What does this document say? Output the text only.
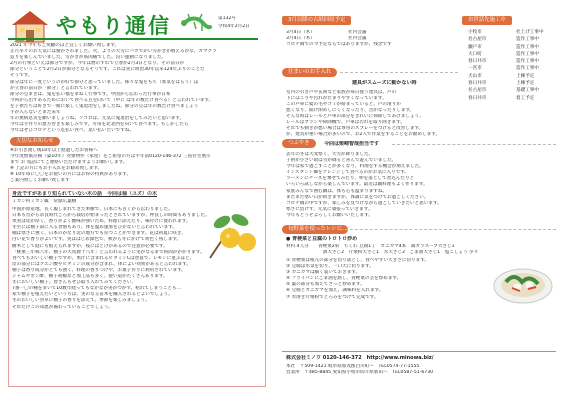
やもり通信	第132号
令和4年2月2日
2021 年今年もご愛顧のほど宜しくお願い致します。
正月早々のお天気には驚かされました。火、よりの大雪にバカでかい雪かきが増えるかな、カマクラ
造りを楽しんでいました。雪かきが筋肉痛でした。良い運動になりました。
2月の行事といえば節分ですが、今年は暦のずれで立春が2月3日となり、その前日が
節分ということで2月2日が節分となるそうです。これは実に明治30年以来124年ぶりのことだ
そうです。
節分は年に一度というのが好で節分と思っていました。様々な鬼をもち（邪気をはらう）ほ
か立春の前日が「節分」と言われています。
節分の豆まきは、鬼を払い福をまねく行事です。中国から伝わった行事が日本
今回から出ずあるためにおいて食べる豆を向いて（中に は年の数だけ食べる）と言われています。
を子供たちは好きで一緒に楽しく鬼退治をしましたね。節分の豆は年の数だけ食べましょう
手が入らないとまた来年
年の無病息災を願いましょうね。ソコロは、元気に鬼退治をしてみたいと思います。
今年は手作りの恵方巻きも楽しみです。方角を北北西を向いて食べます。もしかしたら
今年はぜひコロナという厄払い食べ、追い払いたいですね。
大切なお知らせ
※お引き渡し後10年以上経過したお客様へ
今年度無償点検（築10年）対象物件（家屋）をご希望の方は半年前0120-146-372 三島住宅展示
まで お 電話にてご連絡いただけますようお願いします。
※ 上記の方にもお手入れをお勧め致します。
※ 10年毎に〇〇をお使いの方にはお得の特典があります。
ご案内致しくお願い致します
身近ですがあまり知られていない木の話　今回は柚（ユズ）の木
ミカン科ミカン属　常緑広葉樹
中国が原産地。長く親しまれてきた果樹で、日本にも古くから伝わりました。
日本も昔から奈良時代ごろから栽培が始まったとされていますが、仲良しの時間もありました。
果実は皮が厚く、香りがよく酸味が強いため、料理に添えたり、味付けに使われます。
冬至には柚子湯に入る習慣もあり、体を温め風邪をひかないと言われています。
柚は寒さに強く、日本のかなり北の地方でも育つことができます。花は初夏に咲き、
白い花で香りがよいです。実ははじめ緑色で、秋から冬にかけて黄色く熟します。
樹木として庭にも植えられますが、枝にはとげがあるので注意が必要です。
「桃栗三年柿八年、柚子の大馬鹿十八年」と言われるように実がなるまで時間がかかります。
食べてもおいしい柚子ですが、果汁に含まれるビタミンCは豊富で、レモンに並ぶほど。
皮の部分にはクエン酸やビタミンの成分が含まれ、体によい効果があると言われます。
柚子は香り成分がとても強く、料理の香りづけや、お菓子作りに利用されています。
ジャムやポン酢、柚子胡椒など加工品も多く、使い道がたくさんあります。
冬においしい柚子。皆さんもぜひ取り入れてみてください。
7番一〇の種をまいて10数年経ってもなかなか実がつかず、枯れてしまうことも…
家で柚子を植えたいという方は、実のなる苗木を購入されるとよいでしょう。
冬のおいしい食卓に柚子の香りを添えて、季節を楽しみましょう。
それだけこの知恵が備わっていることでしょう。
3月以降の古紙回収予定
3月4日（木）	社内会議
3月4日（木）	社内会議
コロナ禍での今予定ならではありますが、残念です
お世話先施工中
小牧市	社上げ工事中
名古屋市	造作工事中
瀬戸市	造作工事中
大口町	造作工事中
春日井市	造作工事中
一宮市	造作工事中
犬山市	上棟予定
春日井市	上棟予定
名古屋市	基礎工事中
春日井市	着工予定
住まいのお手入れ
建具がスムーズに動かない時
室内の引き戸や玄関など家族が毎日使う建具は、戸の
下にほこりや汚れがたまりやすくなっています。
この戸車に髪の毛やゴミが絡まっていると、戸の滑りが
悪くなり、開け閉めしにくくなったり、音がなったりします。
そんな時はレールと戸車の部分をきれいに掃除してあげましょう。
レールはブラシや掃除機で、戸車は汚れを取り除きます。
それでも動きが悪い場合は専用のスプレーをつけると改善します。
が、建具が重い場合が多いので、お2人で作業をすることをお勧めします。
つぶやき	今回は柴崎智哉担当です
去年の冬は大変寒く、大雪が降りました。
子供が小さい頃は雪が降ると喜んで遊んでいました。
今年は家で過ごすことが多くなり、料理をする機会が増えました。
インスタント麺をアレンジして食べるのがお気に入りです。
ラーメンにチーズを乗せてみたり、卵を落として煮込んだりと
いろいろ試しながら楽しんでいます。最近は鍋料理もよく作ります。
家族みんなで囲む鍋は、体も心も温まりますね。
まだまだ寒い日が続きますが、体調に気をつけてお過ごしください。
コロナ禍の中ですが、楽しみを見つけながら過ごしていきたいと思います。
寒さに負けず、元気に頑張っていきます。
今年もどうぞよろしくお願いいたします。
旬野菜を使ったレシピ
● 青梗菜と豆腐のトロトロ炒め
材料 4人分　　青梗菜2束　ちくわ 豆腐1丁　カニカマ4本　鶏ガラスープ大さじ1
　　　　　　　　酒大さじ2　片栗粉大さじ1　水大さじ2　ごま油大さじ1　塩こしょう 少々
① 青梗菜は根元の部分を切り落とし、食べやすい大きさに切ります。
② 豆腐は水気を切り、一口大に切ります。
③ カニカマは細く裂いておきます。
④ フライパンにごま油を熱し、青梗菜の茎を炒めます。
⑤ 葉の部分も加えてさっと炒めます。
⑥ 豆腐とカニカマを加え、調味料を入れます。
⑦ 水溶き片栗粉でとろみをつけて完成です。
株式会社ミノワ 0120-146-372　http://www.minowa.biz/
本社　〒509-1421 岐阜県加茂郡白川町～　TEL0574-77-1555
営業所　〒485-8845 愛知県小牧市間々原新田～　TEL0587-51-6730
